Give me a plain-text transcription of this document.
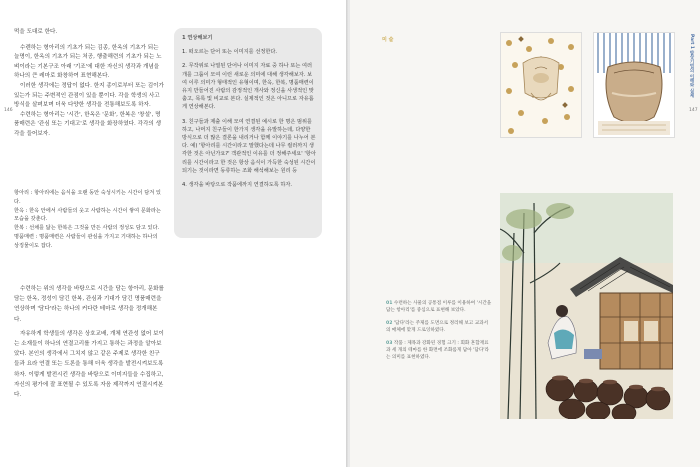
146

먹을 도대로 한다.

수렌하는 형아리의 기초가 되는 김종, 한옥의 기초가 되는 늘명이, 한옥의 기초가 되는 처공, 행출해련의 기초가 되는 노벼이라는 기본구조 아래 '기조'에 대한 자신의 생각과 개념을 하나의 큰 레마로 화창하여 표현해본다.

이러한 생각에는 정답이 없다. 한지 종이로부터 또는 김이가 있는가 되는 주변적인 관점이 있을 뿐이다. 각을 학생의 사고방식을 살펴보며 더욱 다양한 생각을 전통해보도록 하자.

수련하는 형아리는 '시간', 한옥은 '문화', 한복은 '창설', 명품매련은 '관심 또는 기대고'로 생각을 화장하였다. 각각의 생각을 들어보자.

항아리 : 항아리에는 음식을 오랜 동안 숙성시키는 시간이 담겨 있다.

한옥 : 한옥 안에서 사람들의 웃고 사람하는 시간이 쌓여 문화라는 모습을 갖춘다.

한복 : 선채를 닮는 한복은 그것을 만든 사람의 정성도 담고 있다.

명품매련 : 명품매련은 사람들이 관심을 가지고 기대하는 하나의 상징물이도 잡다.

수련하는 위의 생각을 바탕으로 시간을 담는 항아리, 문화를 담는 한옥, 정성이 담긴 한복, 관심과 기대가 담긴 명품매련을 연상하며 '담다'라는 하나의 커다란 테마로 생각을 정개해본다.

자유하게 학생들의 생각은 상호교배, 개체 연관성 없어 보이는 소재들이 하나의 연결고리를 가지고 통하는 과정을 알아보았다. 본인의 생각에서 그치지 않고 같은 주제로 생각한 친구들과 요라 연결 또는 도론을 통해 더욱 생각을 발전시켜보도록 하자. 이렇게 발전시킨 생각을 바탕으로 이미지들을 수집하고, 자신의 평가에 잘 표현될 수 있도록 자음 제작까지 연결시켜본다.

1 연상해보기
1. 떠오르는 단어 또는 이미지를 선정한다.
2. 무작위로 나열된 단어나 이미지 자료 중 하나 또는 여러 개를 그룹이 모여 이런 새로운 의미에 대해 생각해보자. 보여 이루 의미가 형태적인 유형이며, 한옥, 한복, 명품매련이 유지 만들어진 사람의 감정적인 개사와 정신을 사생적인 맞춤고, 목록 및 비교로 본다. 실제적인 것은 아니므로 자유롭게 연상해본다.
3. 친구들과 제출 이해 모여 연결된 예시로 한 명은 범위를 하고, 나머지 친구들이 한가지 생각을 유발하는데, 다양한 방식으로 더 많은 결론을 내리거나 함께 이야기를 나누어 본다. 예) '항아리를 시간이라고 말했다는데 나무 컬러까지 생각한 것은 아닌가요?' 객관적인 이유를 더 정해주세요' '항아리를 시간이라고 한 것은 항상 음식이 가득한 숙성된 시간이 되기는 것이라면 동류하는 조화 해석해보는 원리 등
4. 생각을 바탕으로 작품에까지 연결하도록 하자.
147
Part 1 발상기법의 이해와 실제
미 술

01 수련하는 사물의 공통점 이루를 이용하여 '시간을 담는 항아리'를 중심으로 표현해 보았다.

02 '담다'라는 주제를 도면으로 정리해 보고 교과서의 매체에 맞게 드로잉하였다.

03 작품 : 제목과 강화된 경험 크기 : 회화 혼합재료 과 세 개의 테마를 한 화면에 조화롭게 담아 '담다'라는 의미를 표현하였다.
